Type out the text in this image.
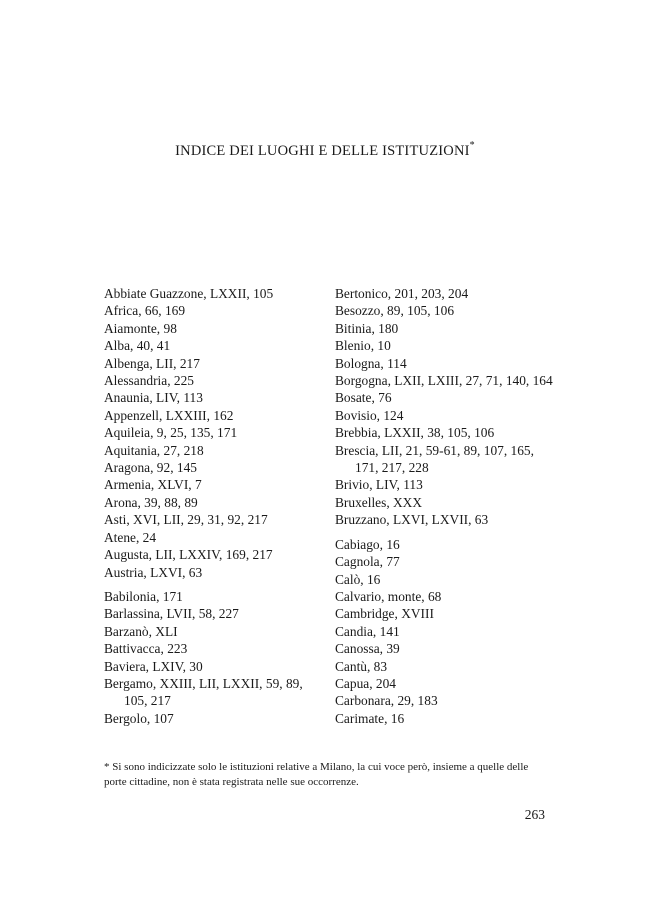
INDICE DEI LUOGHI E DELLE ISTITUZIONI*
Abbiate Guazzone, LXXII, 105
Africa, 66, 169
Aiamonte, 98
Alba, 40, 41
Albenga, LII, 217
Alessandria, 225
Anaunia, LIV, 113
Appenzell, LXXIII, 162
Aquileia, 9, 25, 135, 171
Aquitania, 27, 218
Aragona, 92, 145
Armenia, XLVI, 7
Arona, 39, 88, 89
Asti, XVI, LII, 29, 31, 92, 217
Atene, 24
Augusta, LII, LXXIV, 169, 217
Austria, LXVI, 63
Babilonia, 171
Barlassina, LVII, 58, 227
Barzanò, XLI
Battivacca, 223
Baviera, LXIV, 30
Bergamo, XXIII, LII, LXXII, 59, 89, 105, 217
Bergolo, 107
Bertonico, 201, 203, 204
Besozzo, 89, 105, 106
Bitinia, 180
Blenio, 10
Bologna, 114
Borgogna, LXII, LXIII, 27, 71, 140, 164
Bosate, 76
Bovisio, 124
Brebbia, LXXII, 38, 105, 106
Brescia, LII, 21, 59-61, 89, 107, 165, 171, 217, 228
Brivio, LIV, 113
Bruxelles, XXX
Bruzzano, LXVI, LXVII, 63
Cabiago, 16
Cagnola, 77
Calò, 16
Calvario, monte, 68
Cambridge, XVIII
Candia, 141
Canossa, 39
Cantù, 83
Capua, 204
Carbonara, 29, 183
Carimate, 16
* Si sono indicizzate solo le istituzioni relative a Milano, la cui voce però, insieme a quelle delle porte cittadine, non è stata registrata nelle sue occorrenze.
263
